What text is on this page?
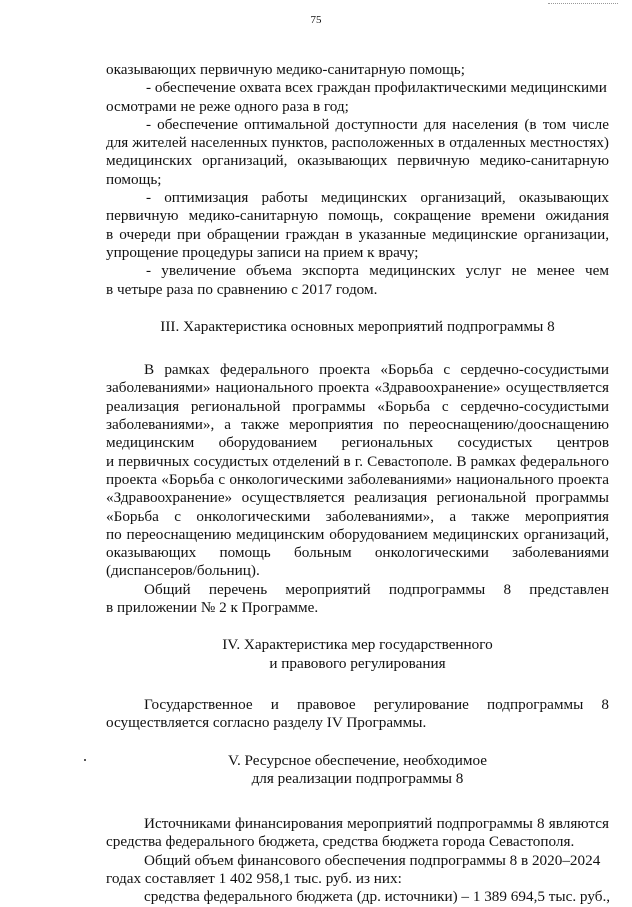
75
оказывающих первичную медико-санитарную помощь;
- обеспечение охвата всех граждан профилактическими медицинскими
осмотрами не реже одного раза в год;
- обеспечение оптимальной доступности для населения (в том числе
для жителей населенных пунктов, расположенных в отдаленных местностях)
медицинских организаций, оказывающих первичную медико-санитарную
помощь;
- оптимизация работы медицинских организаций, оказывающих
первичную медико-санитарную помощь, сокращение времени ожидания
в очереди при обращении граждан в указанные медицинские организации,
упрощение процедуры записи на прием к врачу;
- увеличение объема экспорта медицинских услуг не менее чем
в четыре раза по сравнению с 2017 годом.
III. Характеристика основных мероприятий подпрограммы 8
В рамках федерального проекта «Борьба с сердечно-сосудистыми
заболеваниями» национального проекта «Здравоохранение» осуществляется
реализация региональной программы «Борьба с сердечно-сосудистыми
заболеваниями», а также мероприятия по переоснащению/дооснащению
медицинским оборудованием региональных сосудистых центров
и первичных сосудистых отделений в г. Севастополе. В рамках федерального
проекта «Борьба с онкологическими заболеваниями» национального проекта
«Здравоохранение» осуществляется реализация региональной программы
«Борьба с онкологическими заболеваниями», а также мероприятия
по переоснащению медицинским оборудованием медицинских организаций,
оказывающих помощь больным онкологическими заболеваниями
(диспансеров/больниц).
Общий перечень мероприятий подпрограммы 8 представлен
в приложении № 2 к Программе.
IV. Характеристика мер государственного
и правового регулирования
Государственное и правовое регулирование подпрограммы 8
осуществляется согласно разделу IV Программы.
V. Ресурсное обеспечение, необходимое
для реализации подпрограммы 8
Источниками финансирования мероприятий подпрограммы 8 являются
средства федерального бюджета, средства бюджета города Севастополя.
Общий объем финансового обеспечения подпрограммы 8 в 2020–2024
годах составляет 1 402 958,1 тыс. руб. из них:
средства федерального бюджета (др. источники) – 1 389 694,5 тыс. руб.,
